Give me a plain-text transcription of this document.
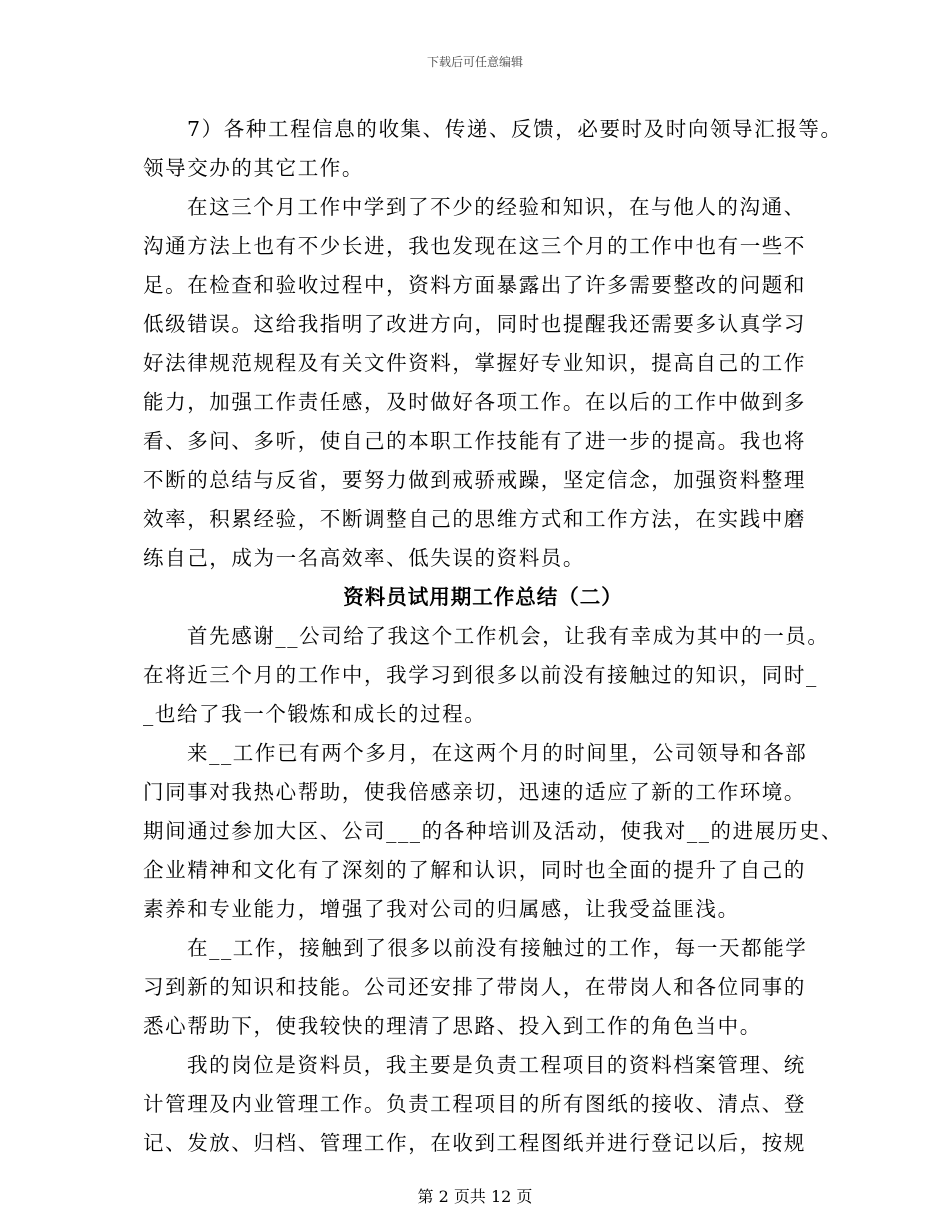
下载后可任意编辑
7）各种工程信息的收集、传递、反馈，必要时及时向领导汇报等。
领导交办的其它工作。
在这三个月工作中学到了不少的经验和知识，在与他人的沟通、
沟通方法上也有不少长进，我也发现在这三个月的工作中也有一些不
足。在检查和验收过程中，资料方面暴露出了许多需要整改的问题和
低级错误。这给我指明了改进方向，同时也提醒我还需要多认真学习
好法律规范规程及有关文件资料，掌握好专业知识，提高自己的工作
能力，加强工作责任感，及时做好各项工作。在以后的工作中做到多
看、多问、多听，使自己的本职工作技能有了进一步的提高。我也将
不断的总结与反省，要努力做到戒骄戒躁，坚定信念，加强资料整理
效率，积累经验，不断调整自己的思维方式和工作方法，在实践中磨
练自己，成为一名高效率、低失误的资料员。
资料员试用期工作总结（二）
首先感谢__公司给了我这个工作机会，让我有幸成为其中的一员。
在将近三个月的工作中，我学习到很多以前没有接触过的知识，同时_
_也给了我一个锻炼和成长的过程。
来__工作已有两个多月，在这两个月的时间里，公司领导和各部
门同事对我热心帮助，使我倍感亲切，迅速的适应了新的工作环境。
期间通过参加大区、公司___的各种培训及活动，使我对__的进展历史、
企业精神和文化有了深刻的了解和认识，同时也全面的提升了自己的
素养和专业能力，增强了我对公司的归属感，让我受益匪浅。
在__工作，接触到了很多以前没有接触过的工作，每一天都能学
习到新的知识和技能。公司还安排了带岗人，在带岗人和各位同事的
悉心帮助下，使我较快的理清了思路、投入到工作的角色当中。
我的岗位是资料员，我主要是负责工程项目的资料档案管理、统
计管理及内业管理工作。负责工程项目的所有图纸的接收、清点、登
记、发放、归档、管理工作，在收到工程图纸并进行登记以后，按规
第 2 页共 12 页
